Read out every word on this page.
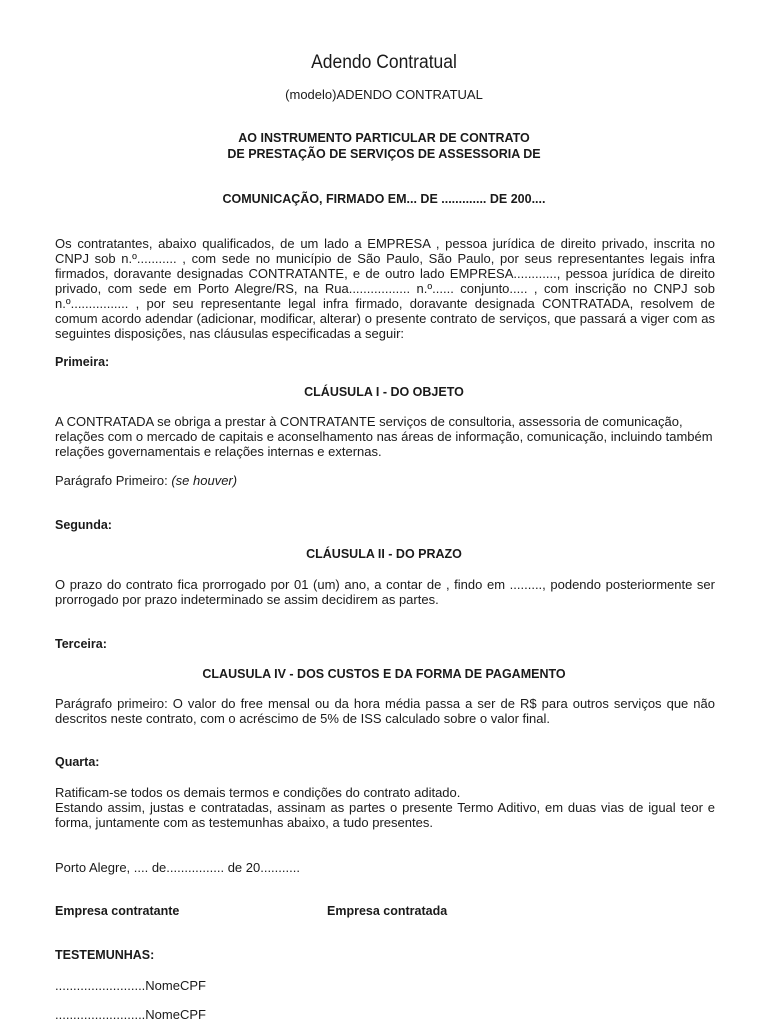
Adendo Contratual
(modelo)ADENDO CONTRATUAL
AO INSTRUMENTO PARTICULAR DE CONTRATO
DE PRESTAÇÃO DE SERVIÇOS DE ASSESSORIA DE
COMUNICAÇÃO, FIRMADO EM... DE ............. DE 200....
Os contratantes, abaixo qualificados, de um lado a EMPRESA , pessoa jurídica de direito privado, inscrita no CNPJ sob n.º........... , com sede no município de São Paulo, São Paulo, por seus representantes legais infra firmados, doravante designadas CONTRATANTE, e de outro lado EMPRESA............, pessoa jurídica de direito privado, com sede em Porto Alegre/RS, na Rua................. n.º...... conjunto..... , com inscrição no CNPJ sob n.º................ , por seu representante legal infra firmado, doravante designada CONTRATADA, resolvem de comum acordo adendar (adicionar, modificar, alterar) o presente contrato de serviços, que passará a viger com as seguintes disposições, nas cláusulas especificadas a seguir:
Primeira:
CLÁUSULA I - DO OBJETO
A CONTRATADA se obriga a prestar à CONTRATANTE serviços de consultoria, assessoria de comunicação,
relações com o mercado de capitais e aconselhamento nas áreas de informação, comunicação, incluindo também
relações governamentais e relações internas e externas.
Parágrafo Primeiro: (se houver)
Segunda:
CLÁUSULA II - DO PRAZO
O prazo do contrato fica prorrogado por 01 (um) ano, a contar de , findo em ........., podendo posteriormente ser prorrogado por prazo indeterminado se assim decidirem as partes.
Terceira:
CLAUSULA IV - DOS CUSTOS E DA FORMA DE PAGAMENTO
Parágrafo primeiro: O valor do free mensal ou da hora média passa a ser de R$ para outros serviços que não descritos neste contrato, com o acréscimo de 5% de ISS calculado sobre o valor final.
Quarta:
Ratificam-se todos os demais termos e condições do contrato aditado.
Estando assim, justas e contratadas, assinam as partes o presente Termo Aditivo, em duas vias de igual teor e forma, juntamente com as testemunhas abaixo, a tudo presentes.
Porto Alegre, .... de................ de 20...........
Empresa contratante	Empresa contratada
TESTEMUNHAS:
.........................NomeCPF
.........................NomeCPF
